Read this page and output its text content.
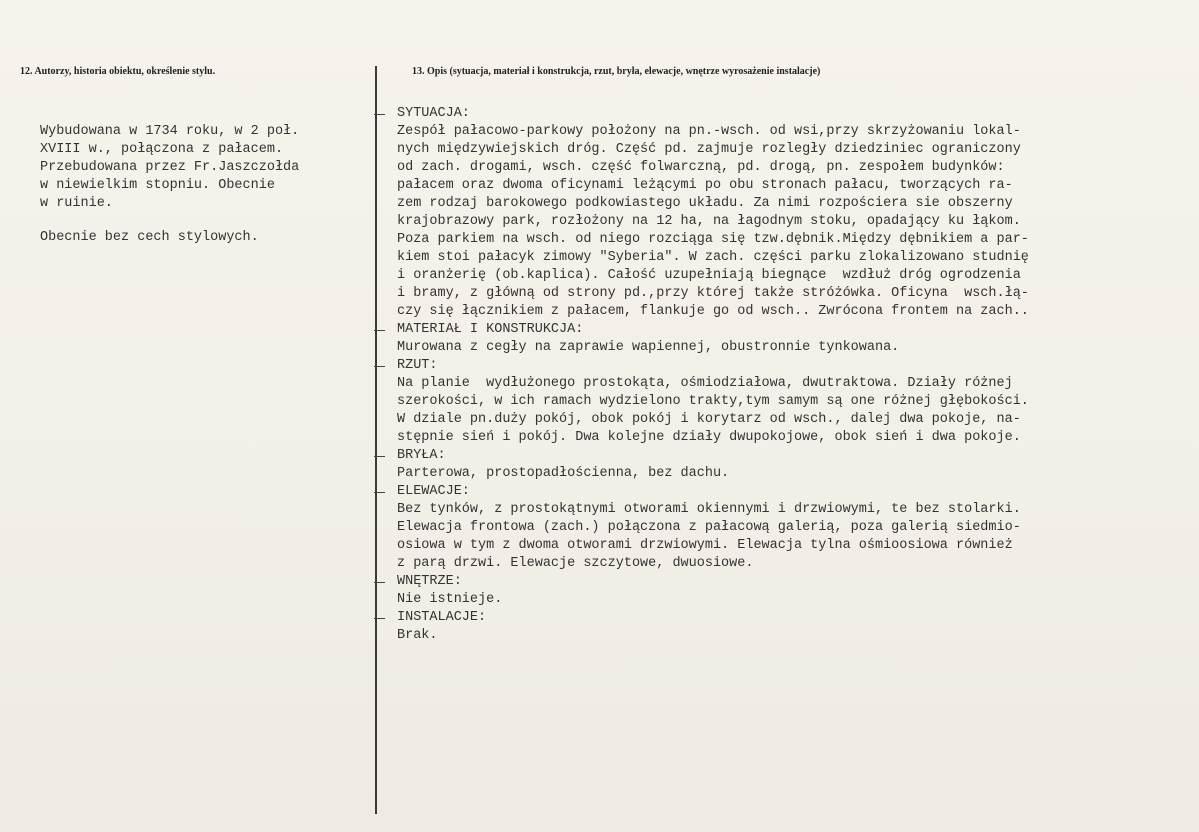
12. Autorzy, historia obiektu, określenie stylu.	13. Opis (sytuacja, materiał i konstrukcja, rzut, bryła, elewacje, wnętrze wyrosażenie instalacje)
Wybudowana w 1734 roku, w 2 poł.
XVIII w., połączona z pałacem.
Przebudowana przez Fr.Jaszczołda
w niewielkim stopniu. Obecnie
w ruinie.
Obecnie bez cech stylowych.
SYTUACJA:
Zespół pałacowo-parkowy położony na pn.-wsch. od wsi,przy skrzyżowaniu lokal-
nych międzywiejskich dróg. Część pd. zajmuje rozległy dziedziniec ograniczony
od zach. drogami, wsch. część folwarczną, pd. drogą, pn. zespołem budynków:
pałacem oraz dwoma oficynami leżącymi po obu stronach pałacu, tworzących ra-
zem rodzaj barokowego podkowiastego układu. Za nimi rozpościera sie obszerny
krajobrazowy park, rozłożony na 12 ha, na łagodnym stoku, opadający ku łąkom.
Poza parkiem na wsch. od niego rozciąga się tzw.dębnik.Między dębnikiem a par-
kiem stoi pałacyk zimowy "Syberia". W zach. części parku zlokalizowano studnię
i oranżerię (ob.kaplica). Całość uzupełniają biegnące  wzdłuż dróg ogrodzenia
i bramy, z główną od strony pd.,przy której także stróżówka. Oficyna  wsch.łą-
czy się łącznikiem z pałacem, flankuje go od wsch.. Zwrócona frontem na zach..
MATERIAŁ I KONSTRUKCJA:
Murowana z cegły na zaprawie wapiennej, obustronnie tynkowana.
RZUT:
Na planie  wydłużonego prostokąta, ośmiodziałowa, dwutraktowa. Działy różnej
szerokości, w ich ramach wydzielono trakty,tym samym są one różnej głębokości.
W dziale pn.duży pokój, obok pokój i korytarz od wsch., dalej dwa pokoje, na-
stępnie sień i pokój. Dwa kolejne działy dwupokojowe, obok sień i dwa pokoje.
BRYŁA:
Parterowa, prostopadłościenna, bez dachu.
ELEWACJE:
Bez tynków, z prostokątnymi otworami okiennymi i drzwiowymi, te bez stolarki.
Elewacja frontowa (zach.) połączona z pałacową galerią, poza galerią siedmio-
osiowa w tym z dwoma otworami drzwiowymi. Elewacja tylna ośmioosiowa również
z parą drzwi. Elewacje szczytowe, dwuosiowe.
WNĘTRZE:
Nie istnieje.
INSTALACJE:
Brak.
